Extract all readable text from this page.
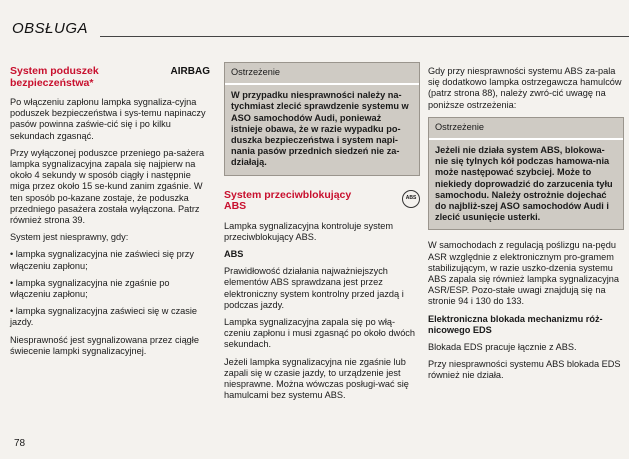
OBSŁUGA
System poduszek bezpieczeństwa*
AIRBAG

Po włączeniu zapłonu lampka sygnaliza-cyjna poduszek bezpieczeństwa i sys-temu napinaczy pasów powinna zaświe-cić się i po kilku sekundach zgasnąć.

Przy wyłączonej poduszce przeniego pa-sażera lampka sygnalizacyjna zapala się najpierw na około 4 sekundy w sposób ciągły i następnie miga przez około 15 se-kund zanim zgaśnie. W ten sposób po-kazane zostaje, że poduszka przedniego pasażera została wyłączona. Patrz również strona 39.

System jest niesprawny, gdy:

• lampka sygnalizacyjna nie zaświeci się przy włączeniu zapłonu;

• lampka sygnalizacyjna nie zgaśnie po włączeniu zapłonu;

• lampka sygnalizacyjna zaświeci się w czasie jazdy.

Niesprawność jest sygnalizowana przez ciągłe świecenie lampki sygnalizacyjnej.

Ostrzeżenie
W przypadku niesprawności należy na-tychmiast zlecić sprawdzenie systemu w ASO samochodów Audi, ponieważ istnieje obawa, że w razie wypadku po-duszka bezpieczeństwa i system napi-nania pasów przednich siedzeń nie za-działają.
System przeciwblokujący ABS
ABS

Lampka sygnalizacyjna kontroluje system przeciwblokujący ABS.

ABS

Prawidłowość działania najważniejszych elementów ABS sprawdzana jest przez elektroniczny system kontrolny przed jazdą i podczas jazdy.

Lampka sygnalizacyjna zapala się po włą-czeniu zapłonu i musi zgasnąć po około dwóch sekundach.

Jeżeli lampka sygnalizacyjna nie zgaśnie lub zapali się w czasie jazdy, to urządzenie jest niesprawne. Można wówczas posługi-wać się hamulcami bez systemu ABS.

Gdy przy niesprawności systemu ABS za-pala się dodatkowo lampka ostrzegawcza hamulców (patrz strona 88), należy zwró-cić uwagę na poniższe ostrzeżenia:

Ostrzeżenie
Jeżeli nie działa system ABS, blokowa-nie się tylnych kół podczas hamowa-nia może następować szybciej. Może to niekiedy doprowadzić do zarzucenia tyłu samochodu. Należy ostrożnie dojechać do najbliż-szej ASO samochodów Audi i zlecić usunięcie usterki.

W samochodach z regulacją poślizgu na-pędu ASR względnie z elektronicznym pro-gramem stabilizującym, w razie uszko-dzenia systemu ABS zapala się również lampka sygnalizacyjna ASR/ESP. Pozo-stałe uwagi znajdują się na stronie 94 i 130 do 133.

Elektroniczna blokada mechanizmu róż-nicowego EDS

Blokada EDS pracuje łącznie z ABS.

Przy niesprawności systemu ABS blokada EDS również nie działa.

78
